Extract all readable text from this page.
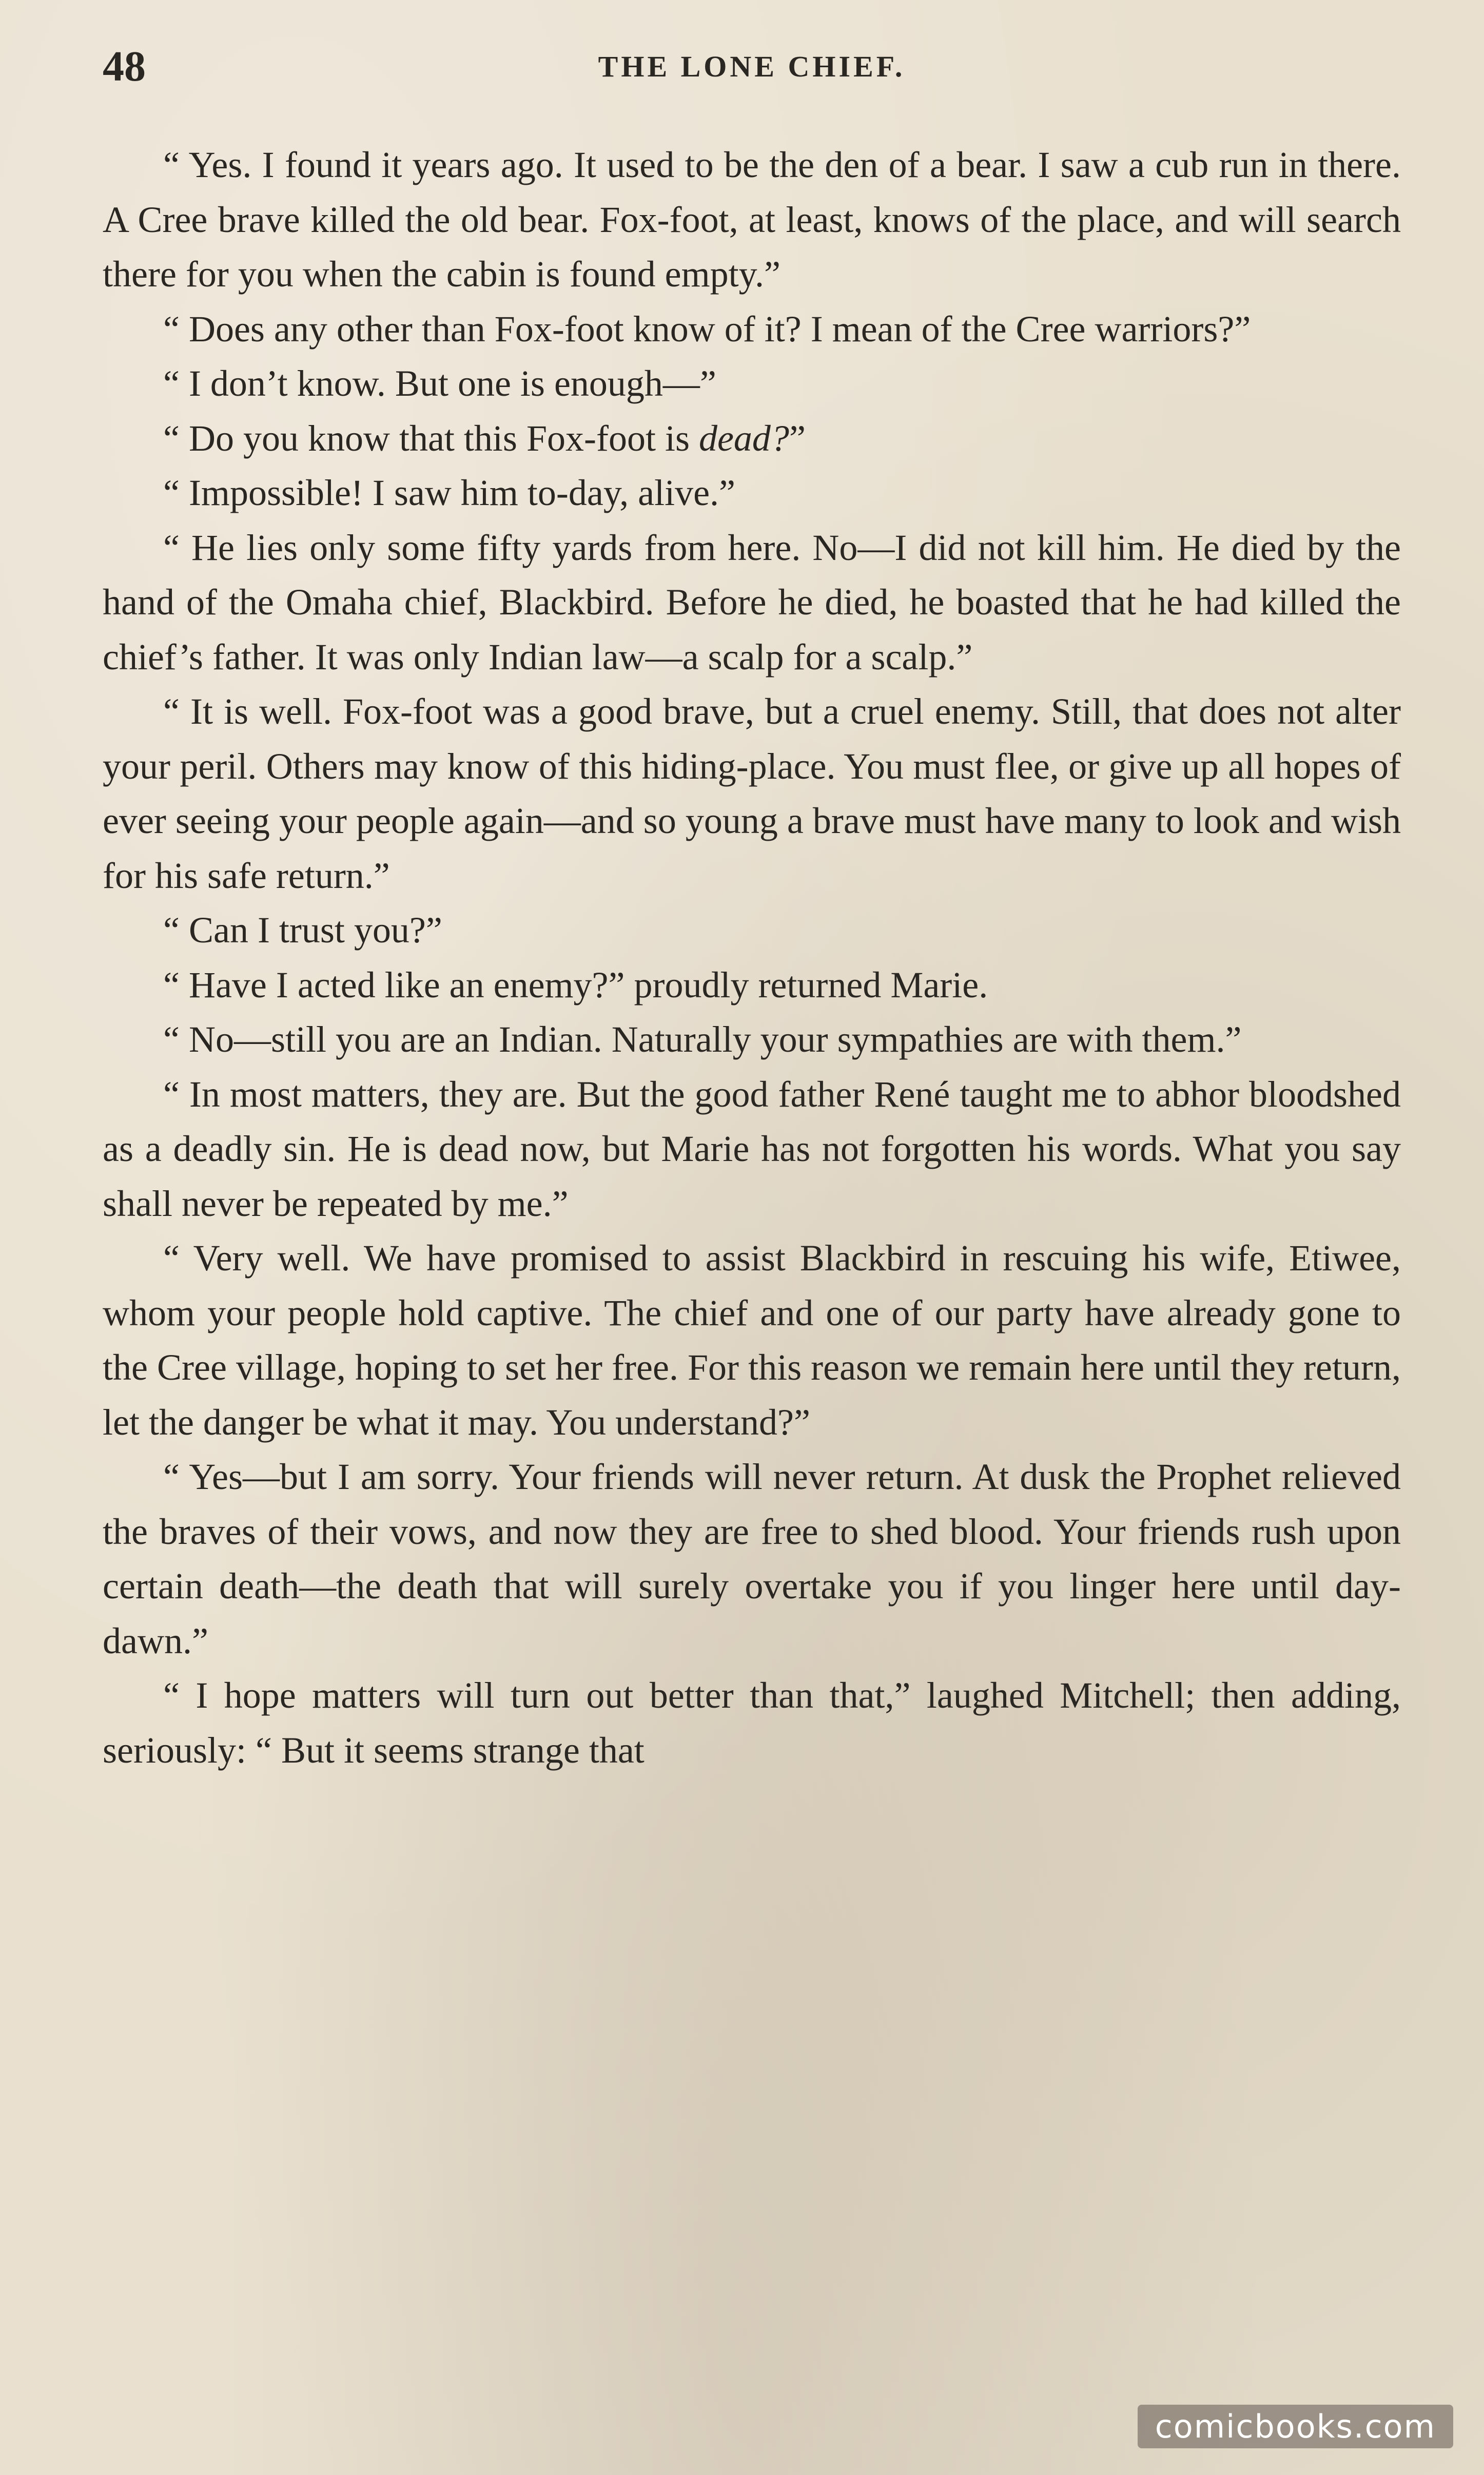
48	THE LONE CHIEF.

“ Yes. I found it years ago. It used to be the den of a bear. I saw a cub run in there. A Cree brave killed the old bear. Fox-foot, at least, knows of the place, and will search there for you when the cabin is found empty.”

“ Does any other than Fox-foot know of it? I mean of the Cree warriors?”

“ I don’t know. But one is enough—”

“ Do you know that this Fox-foot is dead?”

“ Impossible! I saw him to-day, alive.”

“ He lies only some fifty yards from here. No—I did not kill him. He died by the hand of the Omaha chief, Blackbird. Before he died, he boasted that he had killed the chief’s father. It was only Indian law—a scalp for a scalp.”

“ It is well. Fox-foot was a good brave, but a cruel enemy. Still, that does not alter your peril. Others may know of this hiding-place. You must flee, or give up all hopes of ever seeing your people again—and so young a brave must have many to look and wish for his safe return.”

“ Can I trust you?”

“ Have I acted like an enemy?” proudly returned Marie.

“ No—still you are an Indian. Naturally your sympathies are with them.”

“ In most matters, they are. But the good father René taught me to abhor bloodshed as a deadly sin. He is dead now, but Marie has not forgotten his words. What you say shall never be repeated by me.”

“ Very well. We have promised to assist Blackbird in rescuing his wife, Etiwee, whom your people hold captive. The chief and one of our party have already gone to the Cree village, hoping to set her free. For this reason we remain here until they return, let the danger be what it may. You understand?”

“ Yes—but I am sorry. Your friends will never return. At dusk the Prophet relieved the braves of their vows, and now they are free to shed blood. Your friends rush upon certain death—the death that will surely overtake you if you linger here until day-dawn.”

“ I hope matters will turn out better than that,” laughed Mitchell; then adding, seriously: “ But it seems strange that

comicbooks.com
